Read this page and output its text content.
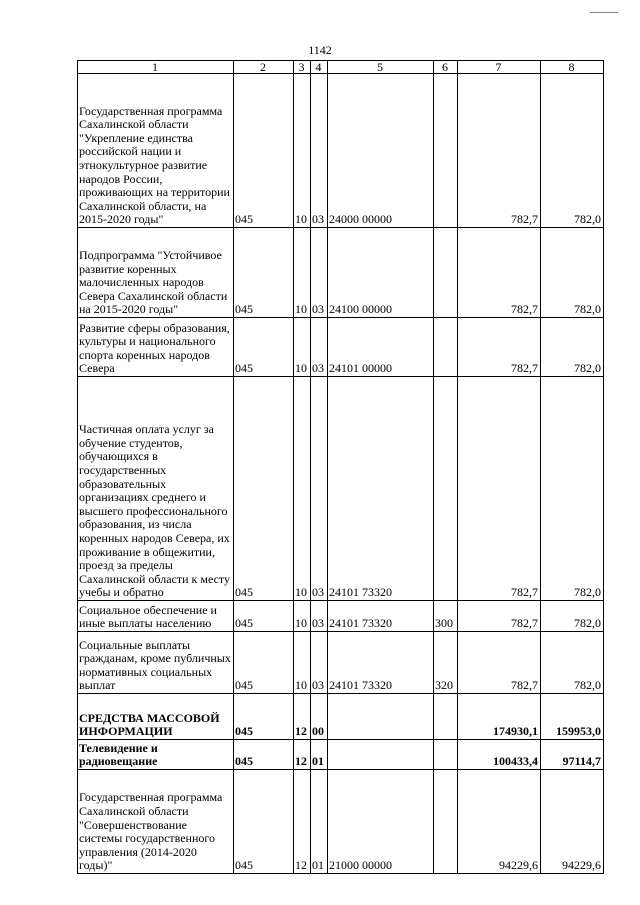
1142
1	2	3	4	5	6	7	8
Государственная программа Сахалинской области "Укрепление единства российской нации и этнокультурное развитие народов России, проживающих на территории Сахалинской области, на 2015-2020 годы"	045	10	03	24000 00000		782,7	782,0
Подпрограмма "Устойчивое развитие коренных малочисленных народов Севера Сахалинской области на 2015-2020 годы"	045	10	03	24100 00000		782,7	782,0
Развитие сферы образования, культуры и национального спорта коренных народов Севера	045	10	03	24101 00000		782,7	782,0
Частичная оплата услуг за обучение студентов, обучающихся в государственных образовательных организациях среднего и высшего профессионального образования, из числа коренных народов Севера, их проживание в общежитии, проезд за пределы Сахалинской области к месту учебы и обратно	045	10	03	24101 73320		782,7	782,0
Социальное обеспечение и иные выплаты населению	045	10	03	24101 73320	300	782,7	782,0
Социальные выплаты гражданам, кроме публичных нормативных социальных выплат	045	10	03	24101 73320	320	782,7	782,0
СРЕДСТВА МАССОВОЙ ИНФОРМАЦИИ	045	12	00			174930,1	159953,0
Телевидение и радиовещание	045	12	01			100433,4	97114,7
Государственная программа Сахалинской области "Совершенствование системы государственного управления (2014-2020 годы)"	045	12	01	21000 00000		94229,6	94229,6
